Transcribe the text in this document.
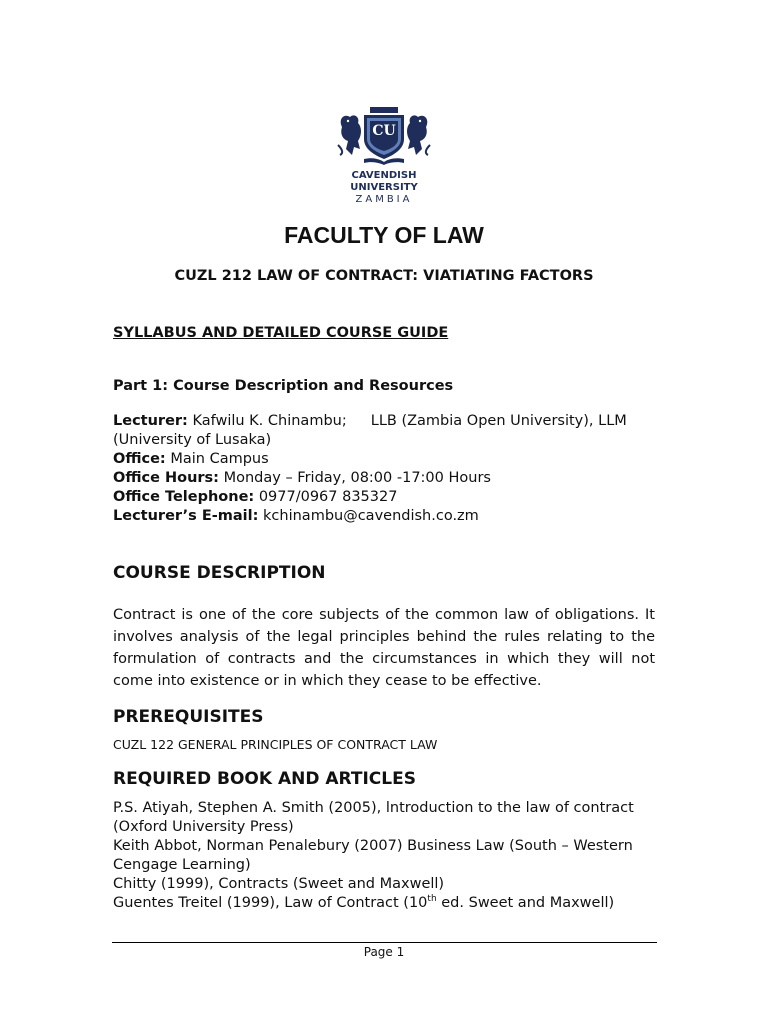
CU
CAVENDISH
UNIVERSITY
ZAMBIA
FACULTY OF LAW
CUZL 212 LAW OF CONTRACT: VIATIATING FACTORS
SYLLABUS AND DETAILED COURSE GUIDE
Part 1: Course Description and Resources
Lecturer: Kafwilu K. Chinambu; LLB (Zambia Open University), LLM
(University of Lusaka)
Office: Main Campus
Office Hours: Monday – Friday, 08:00 -17:00 Hours
Office Telephone: 0977/0967 835327
Lecturer’s E-mail: kchinambu@cavendish.co.zm
COURSE DESCRIPTION

Contract is one of the core subjects of the common law of obligations. It involves analysis of the legal principles behind the rules relating to the formulation of contracts and the circumstances in which they will not come into existence or in which they cease to be effective.

PREREQUISITES
CUZL 122 GENERAL PRINCIPLES OF CONTRACT LAW
REQUIRED BOOK AND ARTICLES
P.S. Atiyah, Stephen A. Smith (2005), lntroduction to the law of contract (Oxford University Press)
Keith Abbot, Norman Penalebury (2007) Business Law (South – Western Cengage Learning)
Chitty (1999), Contracts (Sweet and Maxwell)
Guentes Treitel (1999), Law of Contract (10th ed. Sweet and Maxwell)
Page 1
